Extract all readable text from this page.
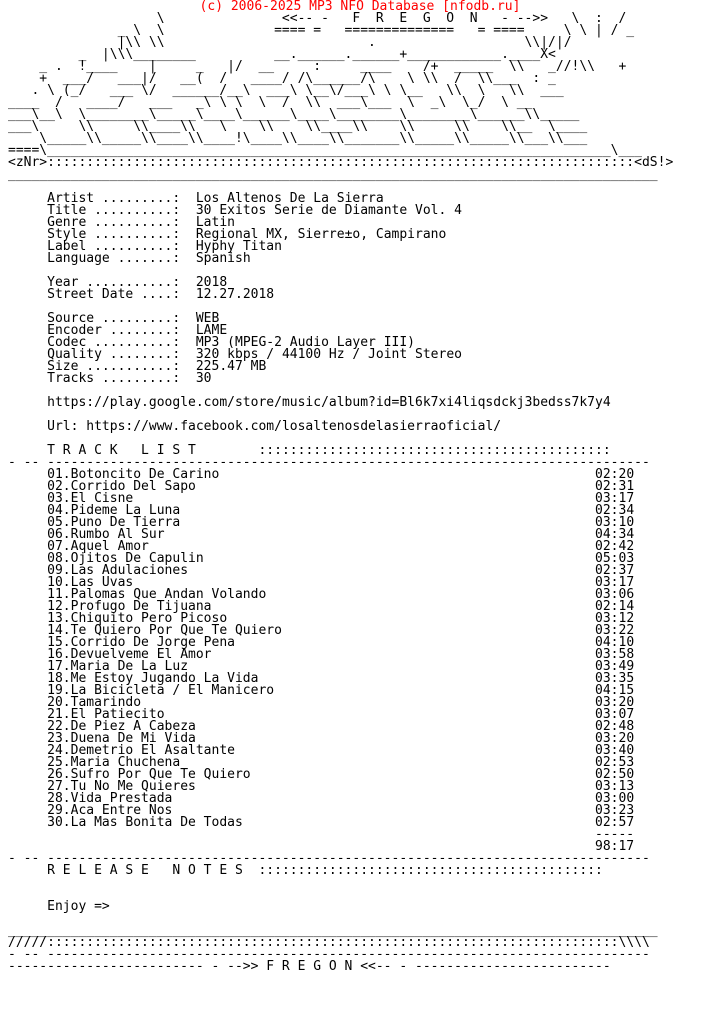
(c) 2006-2025 MP3 NFO Database [nfodb.ru]
\               <<-- -   F  R  E  G  O  N   - -->>   \  :  /
_ \  \              ==== =   ==============   = ====     \ \ | / _
|\\ \\                          .                   \\|/|/
_  |\\\________          __.______.______+____________.____X<
_ .  !____    |     _   |/  __     :     ____    /+  _____  \\   _//!\\   +
+  ___/   ___|/   __(  /   ____/ /\______/\    \ \\  /  \\___  : _
. \ (_/   ___ \/  ______/__\  ___\ \__\/___\ \ \__   \\  \   \\  ___
____  /   ____/   ___   _\ \ \  \  /  \\  ___\___  \  _\  \_/  \ __
___\__\  \________\_____\____\______\____\________\________\______\\_____
___\     \\     \\____\\   \    \\    \\____\\    \\     \\    \\__  \____
\_____\\_____\\____\\____!\____\\____\\_______\\_____\\_____\\___\\___
====\________________________________________________________________________\___
<zNr>:::::::::::::::::::::::::::::::::::::::::::::::::::::::::::::::::::::::::::<dS!>
___________________________________________________________________________________

Artist .........: Los Altenos De La Sierra
Title ..........: 30 Exitos Serie de Diamante Vol. 4
Genre ..........: Latin
Style ..........: Regional MX, Sierre±o, Campirano
Label ..........: Hyphy Titan
Language .......: Spanish

Year ...........: 2018
Street Date ....: 12.27.2018

Source .........: WEB
Encoder ........: LAME
Codec ..........: MP3 (MPEG-2 Audio Layer III)
Quality ........: 320 kbps / 44100 Hz / Joint Stereo
Size ...........: 225.47 MB
Tracks .........: 30

https://play.google.com/store/music/album?id=Bl6k7xi4liqsdckj3bedss7k7y4

Url: https://www.facebook.com/losaltenosdelasierraoficial/

T R A C K   L I S T	:::::::::::::::::::::::::::::::::::::::::::::
- -- -----------------------------------------------------------------------------
01.Botoncito De Carino	02:20
02.Corrido Del Sapo	02:31
03.El Cisne	03:17
04.Pideme La Luna	02:34
05.Puno De Tierra	03:10
06.Rumbo Al Sur	04:34
07.Aquel Amor	02:42
08.Ojitos De Capulin	05:03
09.Las Adulaciones	02:37
10.Las Uvas	03:17
11.Palomas Que Andan Volando	03:06
12.Profugo De Tijuana	02:14
13.Chiquito Pero Picoso	03:12
14.Te Quiero Por Que Te Quiero	03:22
15.Corrido De Jorge Pena	04:10
16.Devuelveme El Amor	03:58
17.Maria De La Luz	03:49
18.Me Estoy Jugando La Vida	03:35
19.La Bicicleta / El Manicero	04:15
20.Tamarindo	03:20
21.El Patiecito	03:07
22.De Piez A Cabeza	02:48
23.Duena De Mi Vida	03:20
24.Demetrio El Asaltante	03:40
25.Maria Chuchena	02:53
26.Sufro Por Que Te Quiero	02:50
27.Tu No Me Quieres	03:13
28.Vida Prestada	03:00
29.Aca Entre Nos	03:23
30.La Mas Bonita De Todas	02:57
-----
98:17
- -- -----------------------------------------------------------------------------
R E L E A S E   N O T E S ::::::::::::::::::::::::::::::::::::::::::::

Enjoy =>

___________________________________________________________________________________
/////:::::::::::::::::::::::::::::::::::::::::::::::::::::::::::::::::::::::::\\\\
- -- -----------------------------------------------------------------------------
------------------------- - -->> F R E G O N <<-- - -------------------------
